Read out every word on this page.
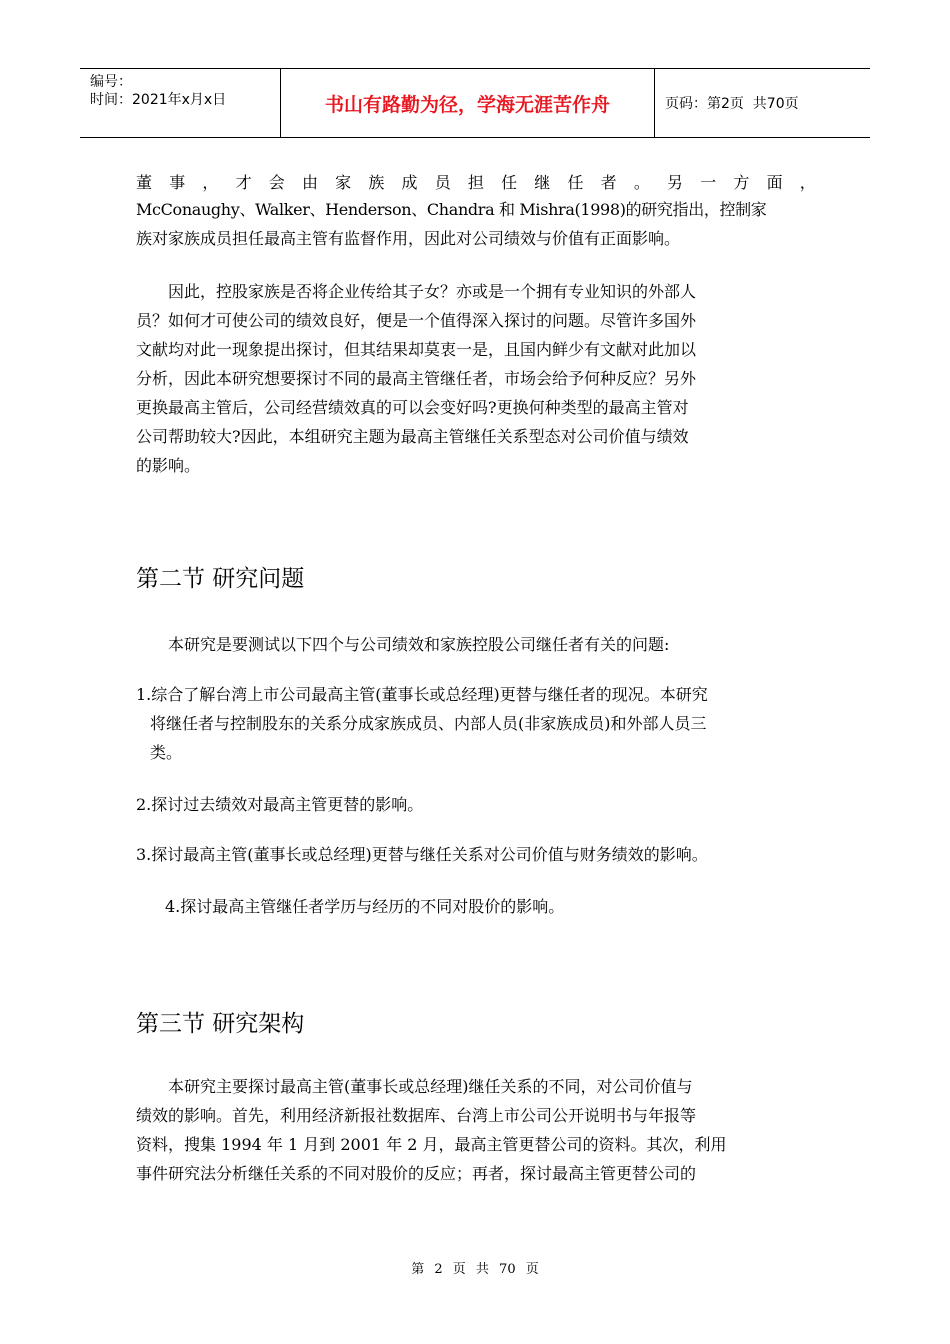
编号：
时间：2021年x月x日	书山有路勤为径，学海无涯苦作舟	页码：第2页  共70页
董 事 ， 才 会 由 家 族 成 员 担 任 继 任 者 。 另 一 方 面 ，

McConaughy、Walker、Henderson、Chandra 和 Mishra(1998)的研究指出，控制家

族对家族成员担任最高主管有监督作用，因此对公司绩效与价值有正面影响。

　　因此，控股家族是否将企业传给其子女？亦或是一个拥有专业知识的外部人

员？如何才可使公司的绩效良好，便是一个值得深入探讨的问题。尽管许多国外

文献均对此一现象提出探讨，但其结果却莫衷一是，且国内鲜少有文献对此加以

分析，因此本研究想要探讨不同的最高主管继任者，市场会给予何种反应？另外

更换最高主管后，公司经营绩效真的可以会变好吗?更换何种类型的最高主管对

公司帮助较大?因此，本组研究主题为最高主管继任关系型态对公司价值与绩效

的影响。

第二节 研究问题
　　本研究是要测试以下四个与公司绩效和家族控股公司继任者有关的问题:
1.综合了解台湾上市公司最高主管(董事长或总经理)更替与继任者的现况。本研究
将继任者与控制股东的关系分成家族成员、内部人员(非家族成员)和外部人员三
类。
2.探讨过去绩效对最高主管更替的影响。
3.探讨最高主管(董事长或总经理)更替与继任关系对公司价值与财务绩效的影响。
4.探讨最高主管继任者学历与经历的不同对股价的影响。
第三节 研究架构

　　本研究主要探讨最高主管(董事长或总经理)继任关系的不同，对公司价值与

绩效的影响。首先，利用经济新报社数据库、台湾上市公司公开说明书与年报等

资料，搜集 1994 年 1 月到 2001 年 2 月，最高主管更替公司的资料。其次，利用

事件研究法分析继任关系的不同对股价的反应；再者，探讨最高主管更替公司的

第 2 页 共 70 页
